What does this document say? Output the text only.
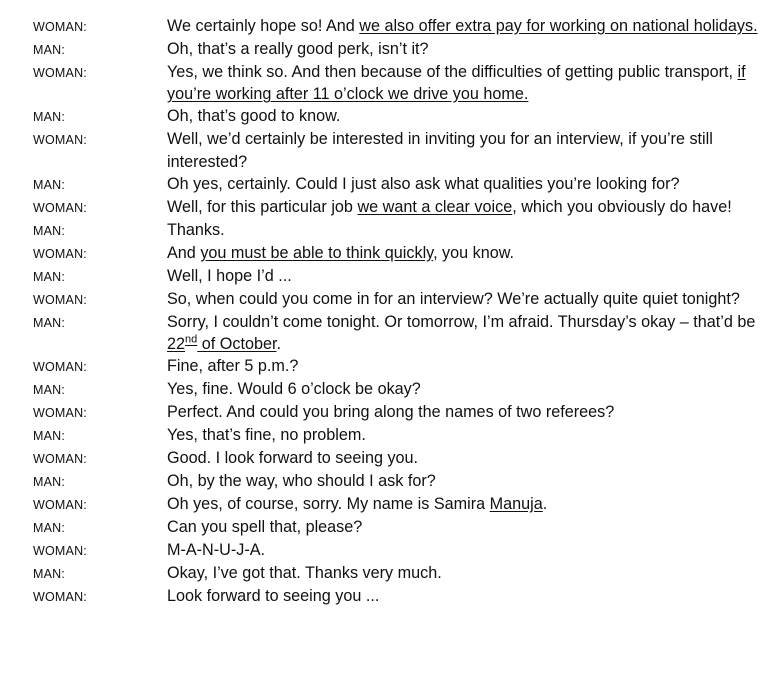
WOMAN:	We certainly hope so! And we also offer extra pay for working on national holidays.
MAN:	Oh, that’s a really good perk, isn’t it?
WOMAN:	Yes, we think so. And then because of the difficulties of getting public transport, if you’re working after 11 o’clock we drive you home.
MAN:	Oh, that’s good to know.
WOMAN:	Well, we’d certainly be interested in inviting you for an interview, if you’re still interested?
MAN:	Oh yes, certainly. Could I just also ask what qualities you’re looking for?
WOMAN:	Well, for this particular job we want a clear voice, which you obviously do have!
MAN:	Thanks.
WOMAN:	And you must be able to think quickly, you know.
MAN:	Well, I hope I’d ...
WOMAN:	So, when could you come in for an interview? We’re actually quite quiet tonight?
MAN:	Sorry, I couldn’t come tonight. Or tomorrow, I’m afraid. Thursday’s okay – that’d be 22nd of October.
WOMAN:	Fine, after 5 p.m.?
MAN:	Yes, fine. Would 6 o’clock be okay?
WOMAN:	Perfect. And could you bring along the names of two referees?
MAN:	Yes, that’s fine, no problem.
WOMAN:	Good. I look forward to seeing you.
MAN:	Oh, by the way, who should I ask for?
WOMAN:	Oh yes, of course, sorry. My name is Samira Manuja.
MAN:	Can you spell that, please?
WOMAN:	M-A-N-U-J-A.
MAN:	Okay, I’ve got that. Thanks very much.
WOMAN:	Look forward to seeing you ...
